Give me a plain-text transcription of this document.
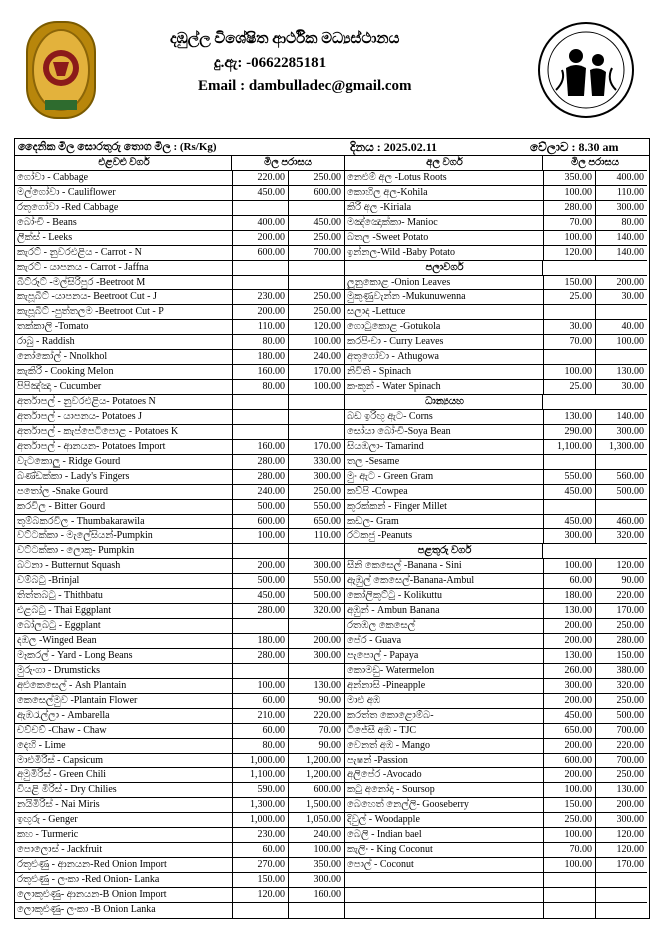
දඹුල්ල විශේෂිත ආර්ථික මධ්‍යස්ථානය
දු.ඇ: -0662285181
Email : dambulladec@gmail.com
දෛනික මිල සොරතුරු තොග මිල : (Rs/Kg)	දිනය : 2025.02.11	වේලාව : 8.30 am
එළවළු වර්ග	මිල පරාසය
ගෝවා - Cabbage	220.00	250.00
මල්ගෝවා - Cauliflower	450.00	600.00
රතුගෝවා -Red Cabbage
බෝංචි - Beans	400.00	450.00
ලීක්ස් - Leeks	200.00	250.00
කැරට් - නුවරඑළිය - Carrot - N	600.00	700.00
කැරට් - යාපනය - Carrot - Jaffna
බීට්රූට් -මල්සිරිපුර -Beetroot M
කැපූබීට් -යාපනය- Beetroot Cut - J	230.00	250.00
කැපූබීට් -පුත්තලම -Beetroot Cut - P	200.00	250.00
තක්කාලි -Tomato	110.00	120.00
රාබු - Raddish	80.00	100.00
නෝකෝල් - Nnolkhol	180.00	240.00
කැකිරි - Cooking Melon	160.00	170.00
පිපිඤ්ඤා - Cucumber	80.00	100.00
අර්තාපල් - නුවරඑළිය- Potatoes N
අර්තාපල් - යාපනය- Potatoes J
අර්තාපල් - කැප්පෙටිපොළ - Potatoes K
අර්තාපල් - ආනයන- Potatoes Import	160.00	170.00
වැටකොලු - Ridge Gourd	280.00	330.00
බණ්ඩක්කා - Lady's Fingers	280.00	300.00
පතෝල -Snake Gourd	240.00	250.00
කරවිල - Bitter Gourd	500.00	550.00
තුම්බකරවිල - Thumbakarawila	600.00	650.00
වට්ටක්කා - මැලේසියන්-Pumpkin	100.00	110.00
වට්ටක්කා - ලොකු- Pumpkin
බටනා - Butternut Squash	200.00	300.00
වම්බටු -Brinjal	500.00	550.00
තිත්තබටු - Thithbatu	450.00	500.00
එළබටු - Thai Eggplant	280.00	320.00
බෝලබටු - Eggplant
දඹල -Winged Bean	180.00	200.00
මෑකරල් - Yard - Long Beans	280.00	300.00
මුරුංගා - Drumsticks
අළුකෙසෙල් - Ash Plantain	100.00	130.00
කෙසෙල්මුව -Plantain Flower	60.00	90.00
ඇඹරැල්ලා - Ambarella	210.00	220.00
චව්චව් -Chaw - Chaw	60.00	70.00
දෙහි - Lime	80.00	90.00
මාළුමිරිස් - Capsicum	1,000.00	1,200.00
අමුමිරිස් - Green Chili	1,100.00	1,200.00
වියළි මිරිස් - Dry Chilies	590.00	600.00
නයිමිරිස් - Nai Miris	1,300.00	1,500.00
ඉඟුරු - Genger	1,000.00	1,050.00
කහ - Turmeric	230.00	240.00
පොලොස් - Jackfruit	60.00	100.00
රතුළුණු - ආනයන-Red Onion Import	270.00	350.00
රතුළුණු - ලංකා -Red Onion- Lanka	150.00	300.00
ලොකුළුණු- ආනයන-B Onion Import	120.00	160.00
ලොකුළුණු- ලංකා -B Onion Lanka
අල වර්ග	මිල පරාසය
නෙළුම් අල -Lotus Roots	350.00	400.00
කොහිල අල-Kohila	100.00	110.00
කිරි අල -Kiriala	280.00	300.00
මඤ්ඤොක්කා- Manioc	70.00	80.00
බතල -Sweet Potato	100.00	140.00
ඉන්නල-Wild -Baby Potato	120.00	140.00
පලාවර්ග
ලූනුකොළ -Onion Leaves	150.00	200.00
මුකුණුවැන්න -Mukunuwenna	25.00	30.00
සලාද -Lettuce
ගොටුකොළ -Gotukola	30.00	40.00
කරපිංචා - Curry Leaves	70.00	100.00
අතුගෝවා - Athugowa
නිවිති - Spinach	100.00	130.00
කංකුන් - Water Spinach	25.00	30.00
ධාන්‍යයහ
බඩ ඉරිඟු ඇට- Corns	130.00	140.00
සෝයා බෝංචි-Soya Bean	290.00	300.00
සියඹලා- Tamarind	1,100.00	1,300.00
තල -Sesame
මුං ඇට - Green Gram	550.00	560.00
කව්පි -Cowpea	450.00	500.00
කුරක්කන් - Finger Millet
කඩල- Gram	450.00	460.00
රටකජු -Peanuts	300.00	320.00
පළතුරු වර්ග
සීනි කෙසෙල් -Banana - Sini	100.00	120.00
ඇඹුල් කෙසෙල්-Banana-Ambul	60.00	90.00
කෝලිකුට්ටු - Kolikuttu	180.00	220.00
අඹුන් - Ambun Banana	130.00	170.00
රතඹල කෙසෙල්	200.00	250.00
පේර - Guava	200.00	280.00
පැපොල් - Papaya	130.00	150.00
කොමඩු- Watermelon	260.00	380.00
අන්නාසි -Pineapple	300.00	320.00
මාළු අඹ	200.00	250.00
කරත්ත කොළොම්බ-	450.00	500.00
ටීජේසී අඹ - TJC	650.00	700.00
වෙනත් අඹ - Mango	200.00	220.00
පැෂන් -Passion	600.00	700.00
අලිපේර -Avocado	200.00	250.00
කටු අනෝදා - Soursop	100.00	130.00
බෙහෙත් නෙල්ලි- Gooseberry	150.00	200.00
දිවුල් - Woodapple	250.00	300.00
බෙලි - Indian bael	100.00	120.00
කැලිං - King Coconut	70.00	120.00
පොල් - Coconut	100.00	170.00
